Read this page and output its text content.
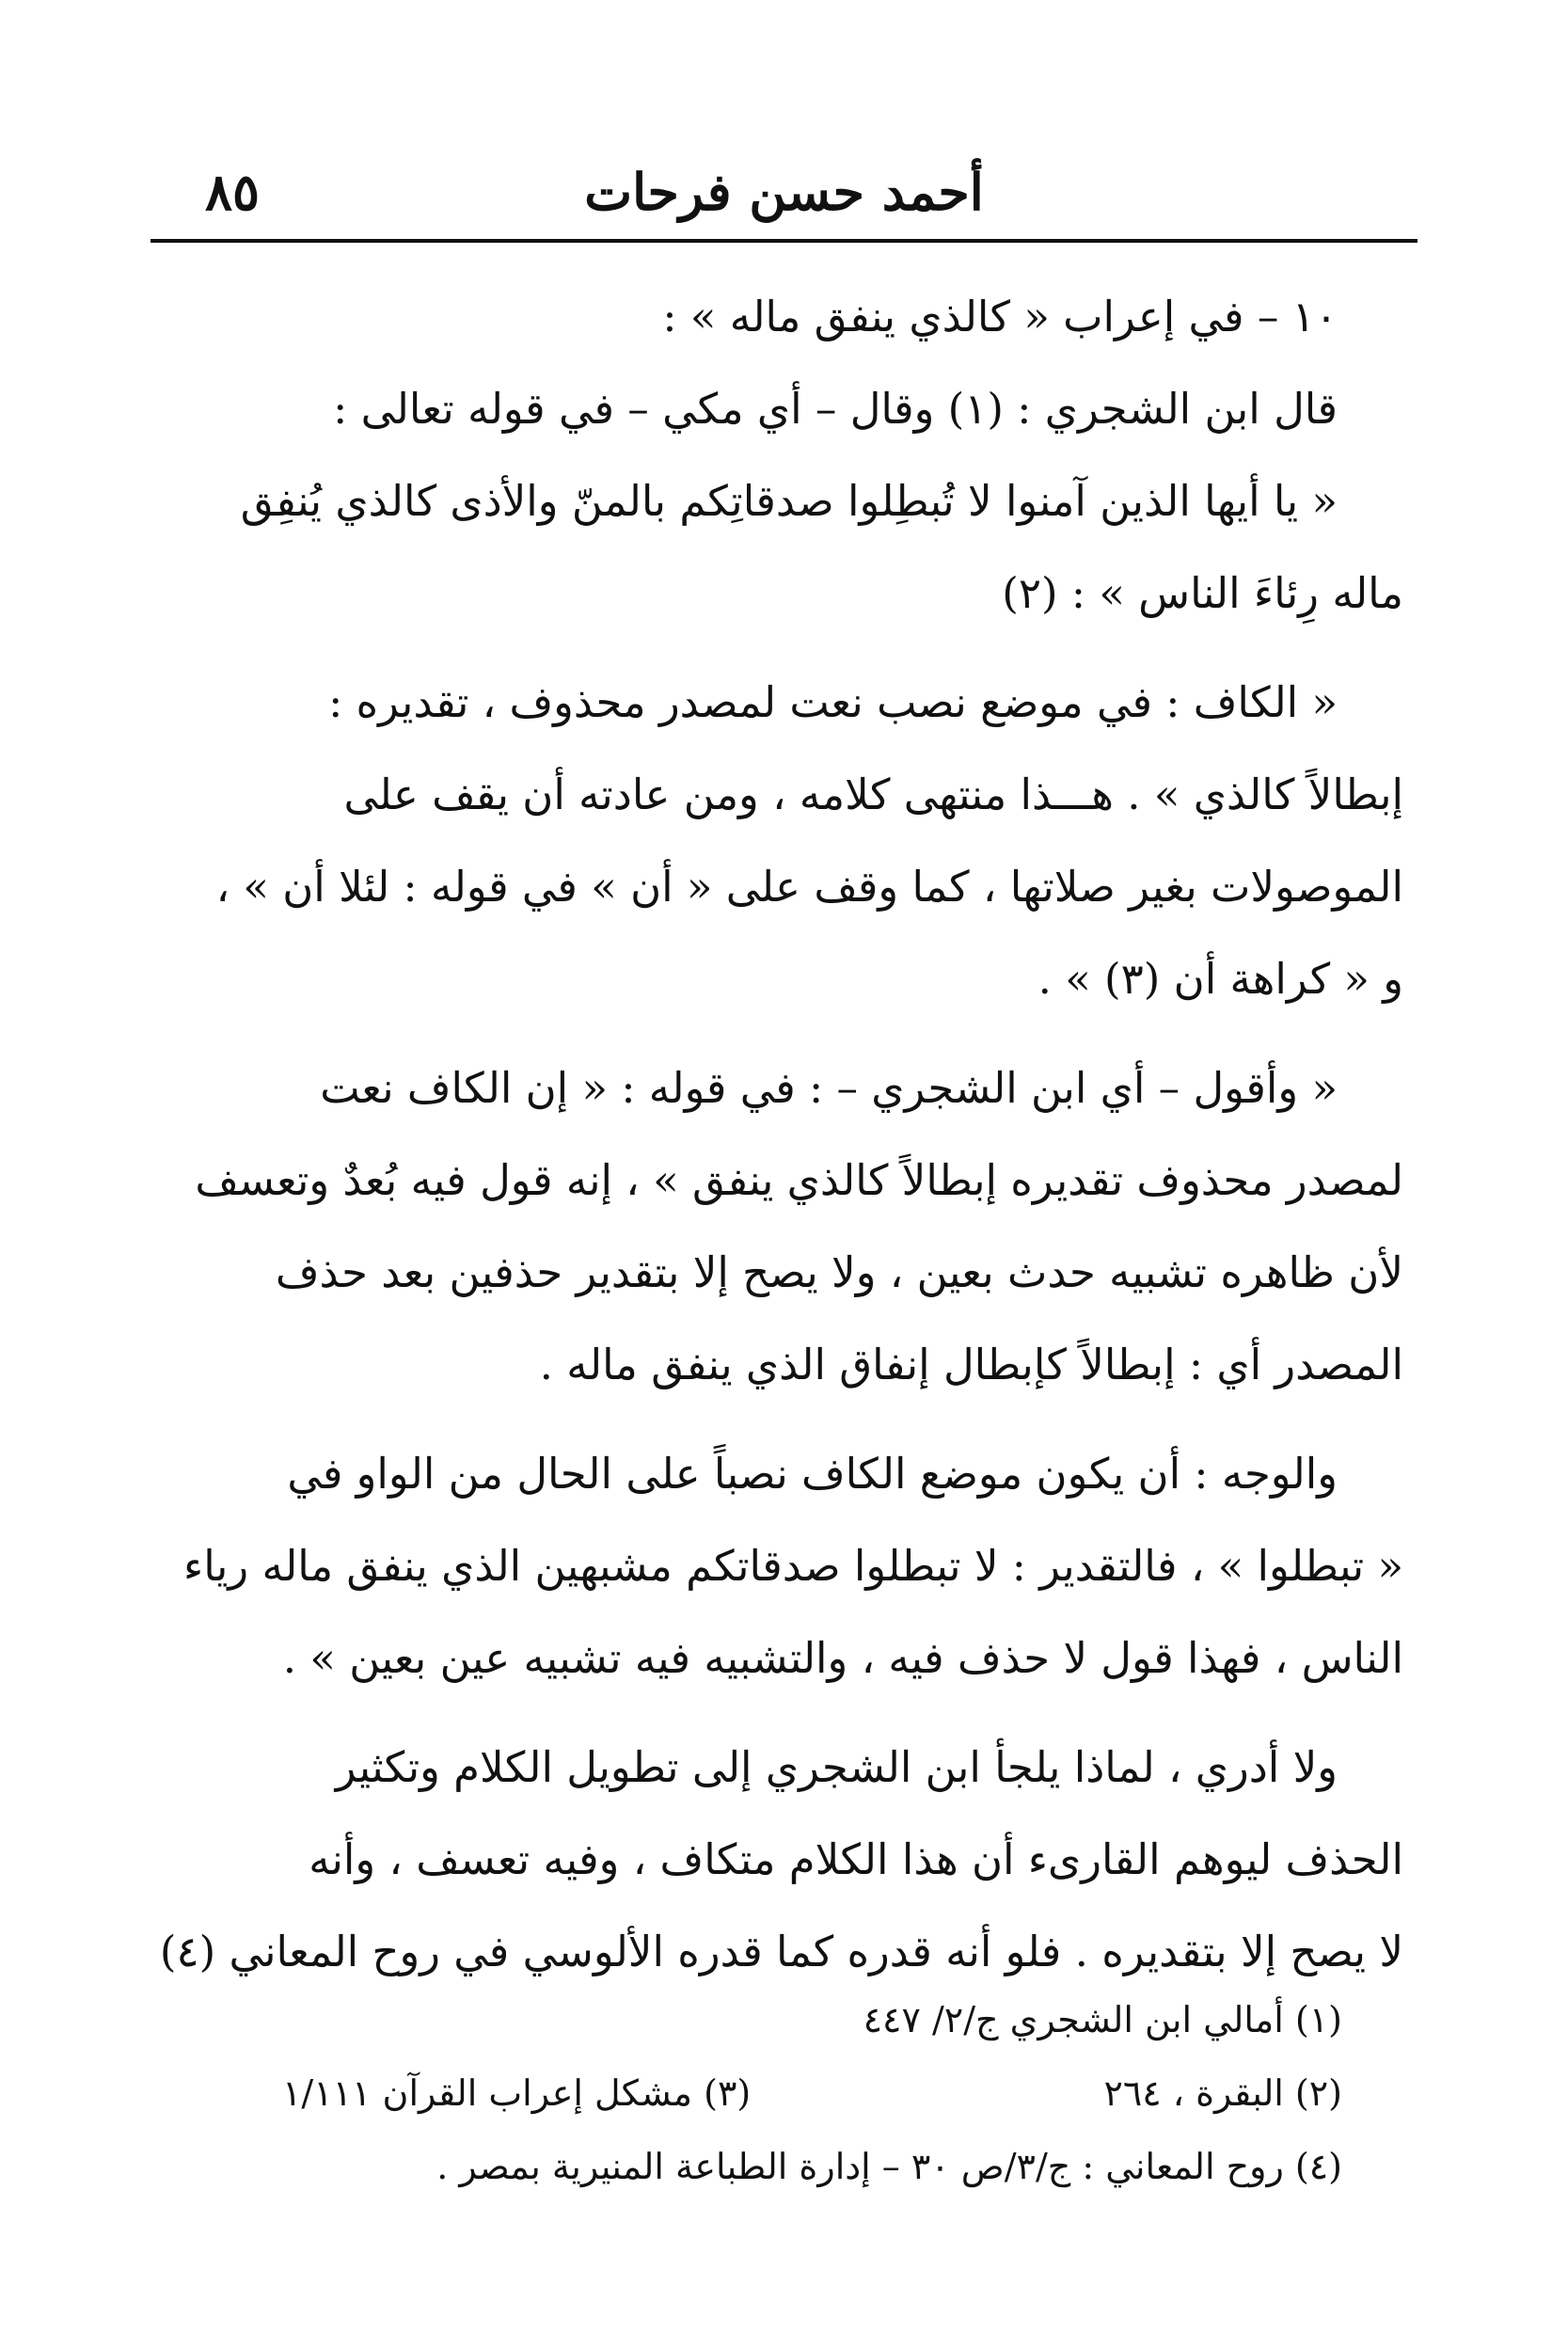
٨٥	أحمد حسن فرحات
١٠ – في إعراب « كالذي ينفق ماله » :
قال ابن الشجري : (١) وقال – أي مكي – في قوله تعالى :
« يا أيها الذين آمنوا لا تُبطِلوا صدقاتِكم بالمنّ والأذى كالذي يُنفِق
ماله رِئاءَ الناس » : (٢)
« الكاف : في موضع نصب نعت لمصدر محذوف ، تقديره :
إبطالاً كالذي » . هـــذا منتهى كلامه ، ومن عادته أن يقف على
الموصولات بغير صلاتها ، كما وقف على « أن » في قوله : لئلا أن » ،
و « كراهة أن (٣) » .
« وأقول – أي ابن الشجري – : في قوله : « إن الكاف نعت
لمصدر محذوف تقديره إبطالاً كالذي ينفق » ، إنه قول فيه بُعدٌ وتعسف
لأن ظاهره تشبيه حدث بعين ، ولا يصح إلا بتقدير حذفين بعد حذف
المصدر أي : إبطالاً كإبطال إنفاق الذي ينفق ماله .
والوجه : أن يكون موضع الكاف نصباً على الحال من الواو في
« تبطلوا » ، فالتقدير : لا تبطلوا صدقاتكم مشبهين الذي ينفق ماله رياء
الناس ، فهذا قول لا حذف فيه ، والتشبيه فيه تشبيه عين بعين » .
ولا أدري ، لماذا يلجأ ابن الشجري إلى تطويل الكلام وتكثير
الحذف ليوهم القارىء أن هذا الكلام متكاف ، وفيه تعسف ، وأنه
لا يصح إلا بتقديره . فلو أنه قدره كما قدره الألوسي في روح المعاني (٤)
(١) أمالي ابن الشجري ج/٢/ ٤٤٧
(٢) البقرة ، ٢٦٤
(٣) مشكل إعراب القرآن ١/١١١
(٤) روح المعاني : ج/٣/ص ٣٠ – إدارة الطباعة المنيرية بمصر .
